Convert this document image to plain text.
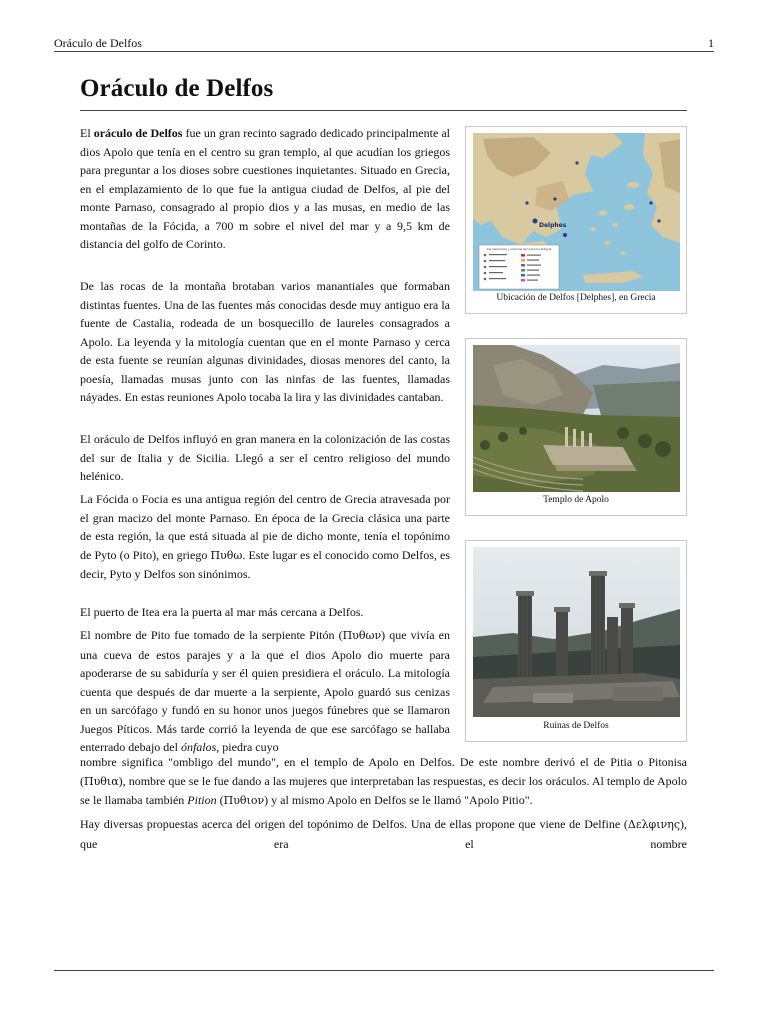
Oráculo de Delfos	1
Oráculo de Delfos
El oráculo de Delfos fue un gran recinto sagrado dedicado principalmente al dios Apolo que tenía en el centro su gran templo, al que acudían los griegos para preguntar a los dioses sobre cuestiones inquietantes. Situado en Grecia, en el emplazamiento de lo que fue la antigua ciudad de Delfos, al pie del monte Parnaso, consagrado al propio dios y a las musas, en medio de las montañas de la Fócida, a 700 m sobre el nivel del mar y a 9,5 km de distancia del golfo de Corinto.
De las rocas de la montaña brotaban varios manantiales que formaban distintas fuentes. Una de las fuentes más conocidas desde muy antiguo era la fuente de Castalia, rodeada de un bosquecillo de laureles consagrados a Apolo. La leyenda y la mitología cuentan que en el monte Parnaso y cerca de esta fuente se reunían algunas divinidades, diosas menores del canto, la poesía, llamadas musas junto con las ninfas de las fuentes, llamadas náyades. En estas reuniones Apolo tocaba la lira y las divinidades cantaban.
El oráculo de Delfos influyó en gran manera en la colonización de las costas del sur de Italia y de Sicilia. Llegó a ser el centro religioso del mundo helénico.
La Fócida o Focia es una antigua región del centro de Grecia atravesada por el gran macizo del monte Parnaso. En época de la Grecia clásica una parte de esta región, la que está situada al pie de dicho monte, tenía el topónimo de Pyto (o Pito), en griego Πυθω. Este lugar es el conocido como Delfos, es decir, Pyto y Delfos son sinónimos.
El puerto de Itea era la puerta al mar más cercana a Delfos.
El nombre de Pito fue tomado de la serpiente Pitón (Πυθων) que vivía en una cueva de estos parajes y a la que el dios Apolo dio muerte para apoderarse de su sabiduría y ser él quien presidiera el oráculo. La mitología cuenta que después de dar muerte a la serpiente, Apolo guardó sus cenizas en un sarcófago y fundó en su honor unos juegos fúnebres que se llamaron Juegos Píticos. Más tarde corrió la leyenda de que ese sarcófago se hallaba enterrado debajo del ónfalos, piedra cuyo
nombre significa "ombligo del mundo", en el templo de Apolo en Delfos. De este nombre derivó el de Pitia o Pitonisa (Πυθια), nombre que se le fue dando a las mujeres que interpretaban las respuestas, es decir los oráculos. Al templo de Apolo se le llamaba también Pition (Πυθιον) y al mismo Apolo en Delfos se le llamó "Apolo Pitio".
Hay diversas propuestas acerca del origen del topónimo de Delfos. Una de ellas propone que viene de Delfine (Δελφινης), que era el nombre
Delphes
Los santuarios y oráculos de la Grecia antigua
Ubicación de Delfos [Delphes], en Grecia
Templo de Apolo
Ruinas de Delfos
